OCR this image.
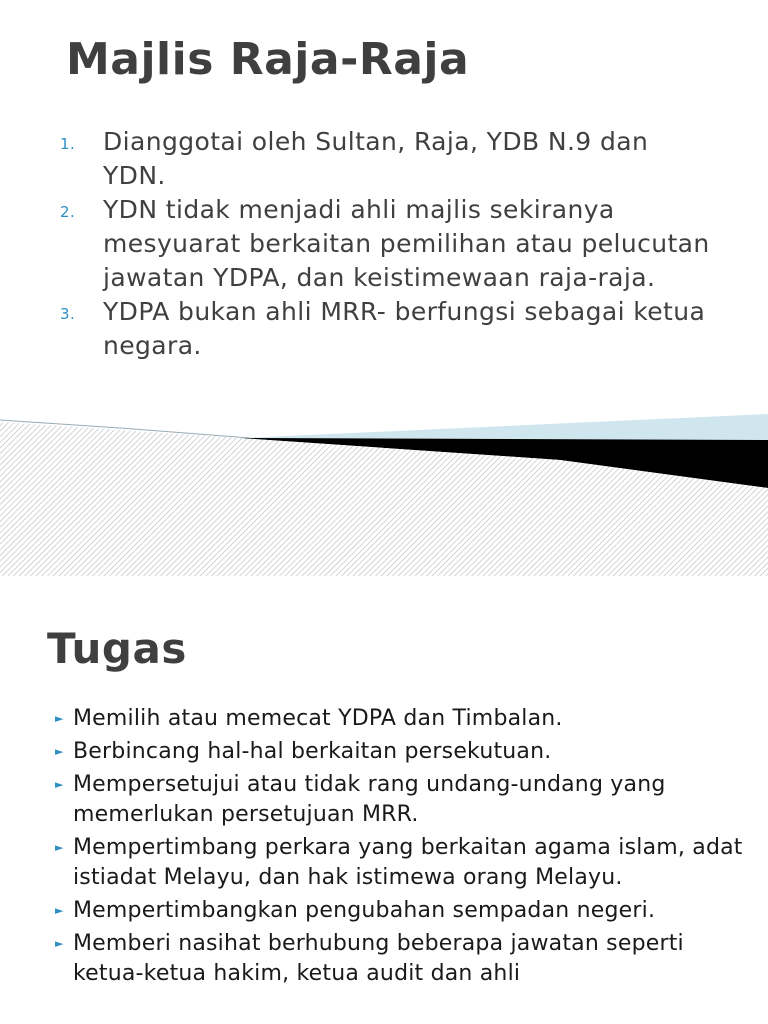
Majlis Raja-Raja
1. Dianggotai oleh Sultan, Raja, YDB N.9 dan YDN.
2. YDN tidak menjadi ahli majlis sekiranya mesyuarat berkaitan pemilihan atau pelucutan jawatan YDPA, dan keistimewaan raja-raja.
3. YDPA bukan ahli MRR- berfungsi sebagai ketua negara.
Tugas
► Memilih atau memecat YDPA dan Timbalan.
► Berbincang hal-hal berkaitan persekutuan.
► Mempersetujui atau tidak rang undang-undang yang memerlukan persetujuan MRR.
► Mempertimbang perkara yang berkaitan agama islam, adat istiadat Melayu, dan hak istimewa orang Melayu.
► Mempertimbangkan pengubahan sempadan negeri.
► Memberi nasihat berhubung beberapa jawatan seperti ketua-ketua hakim, ketua audit dan ahli
